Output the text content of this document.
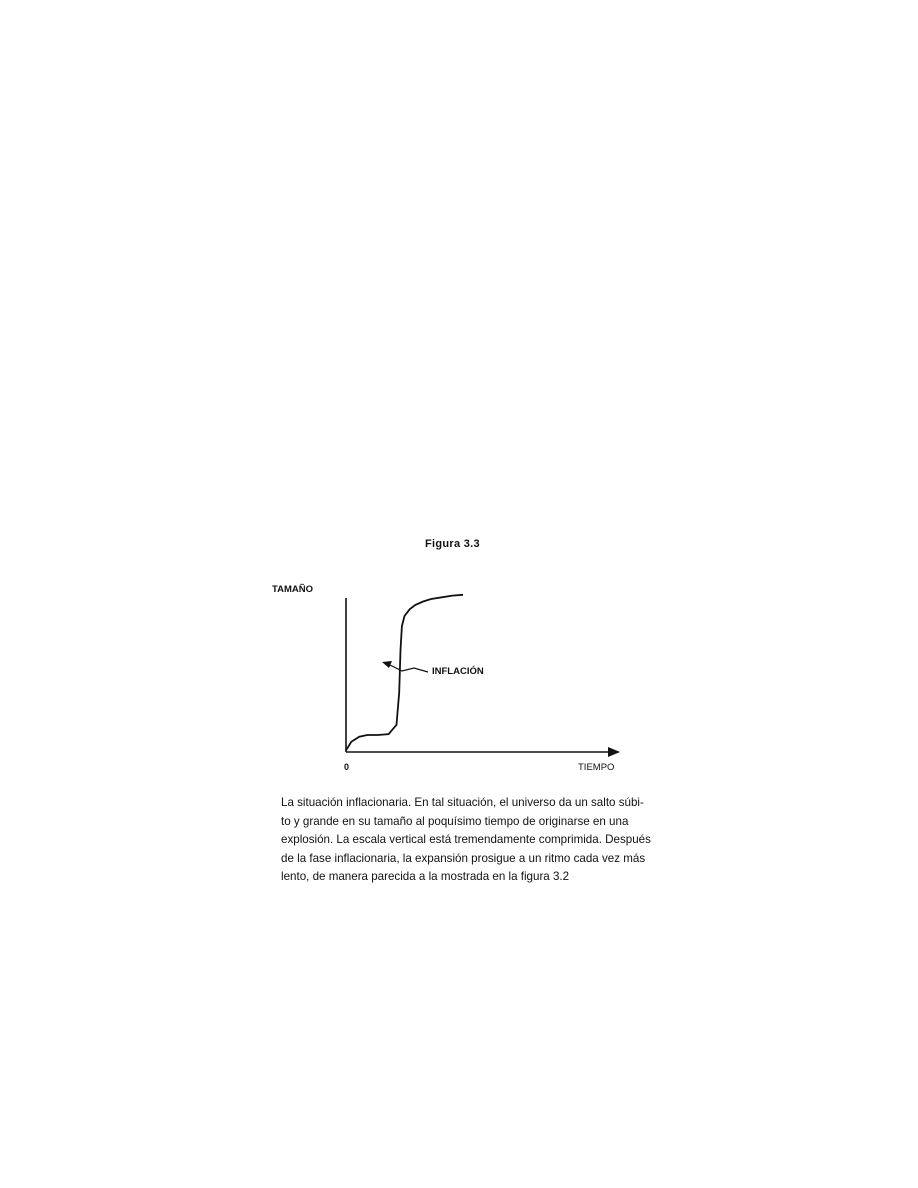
Figura 3.3
TAMAÑO
TIEMPO
0
INFLACIÓN
La situación inflacionaria. En tal situación, el universo da un salto súbi-
to y grande en su tamaño al poquísimo tiempo de originarse en una
explosión. La escala vertical está tremendamente comprimida. Después
de la fase inflacionaria, la expansión prosigue a un ritmo cada vez más
lento, de manera parecida a la mostrada en la figura 3.2
